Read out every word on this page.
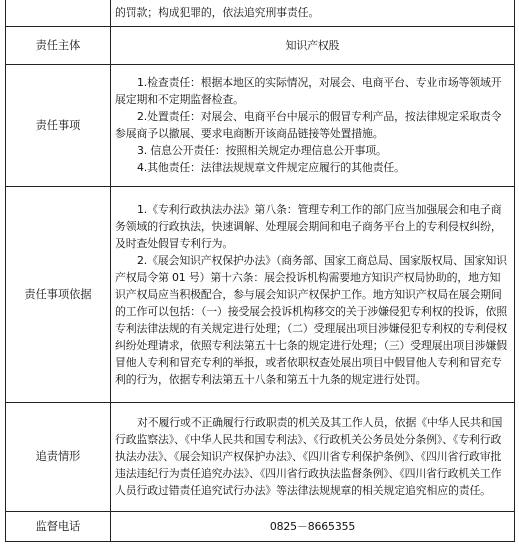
	的罚款；构成犯罪的，依法追究刑事责任。
责任主体	知识产权股
责任事项	1.检查责任：根据本地区的实际情况，对展会、电商平台、专业市场等领域开展定期和不定期监督检查。

2.处置责任：对展会、电商平台中展示的假冒专利产品，按法律规定采取责令参展商予以撤展、要求电商断开该商品链接等处置措施。

3. 信息公开责任：按照相关规定办理信息公开事项。

4.其他责任：法律法规规章文件规定应履行的其他责任。

责任事项依据	1.《专利行政执法办法》第八条：管理专利工作的部门应当加强展会和电子商务领域的行政执法，快速调解、处理展会期间和电子商务平台上的专利侵权纠纷，及时查处假冒专利行为。

2.《展会知识产权保护办法》（商务部、国家工商总局、国家版权局、国家知识产权局令第 01 号）第十六条：展会投诉机构需要地方知识产权局协助的，地方知识产权局应当积极配合，参与展会知识产权保护工作。地方知识产权局在展会期间的工作可以包括：（一）接受展会投诉机构移交的关于涉嫌侵犯专利权的投诉，依照专利法律法规的有关规定进行处理；（二）受理展出项目涉嫌侵犯专利权的专利侵权纠纷处理请求，依照专利法第五十七条的规定进行处理；（三）受理展出项目涉嫌假冒他人专利和冒充专利的举报，或者依职权查处展出项目中假冒他人专利和冒充专利的行为，依据专利法第五十八条和第五十九条的规定进行处罚。

追责情形	对不履行或不正确履行行政职责的机关及其工作人员，依据《中华人民共和国行政监察法》、《中华人民共和国专利法》、《行政机关公务员处分条例》、《专利行政执法办法》、《展会知识产权保护办法》、《四川省专利保护条例》、《四川省行政审批违法违纪行为责任追究办法》、《四川省行政执法监督条例》、《四川省行政机关工作人员行政过错责任追究试行办法》等法律法规规章的相关规定追究相应的责任。

监督电话	0825－8665355
